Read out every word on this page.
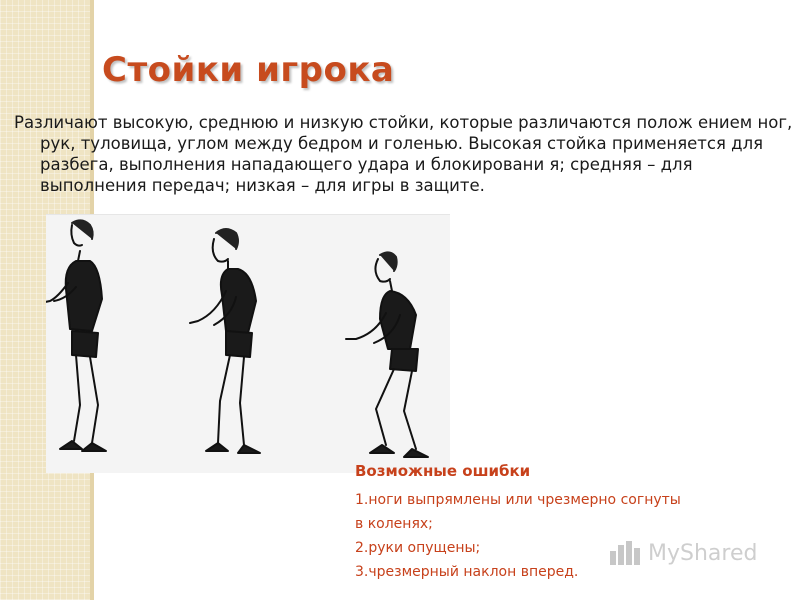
Стойки игрока

Различают высокую, среднюю и низкую стойки, которые различаются полож ением ног, рук, туловища, углом между бедром и голенью. Высокая стойка применяется для разбега, выполнения нападающего удара и блокировани я; средняя – для выполнения передач; низкая – для игры в защите.

Возможные ошибки
1.ноги выпрямлены или чрезмерно согнуты
в коленях;
2.руки опущены;
3.чрезмерный наклон вперед.
MyShared
